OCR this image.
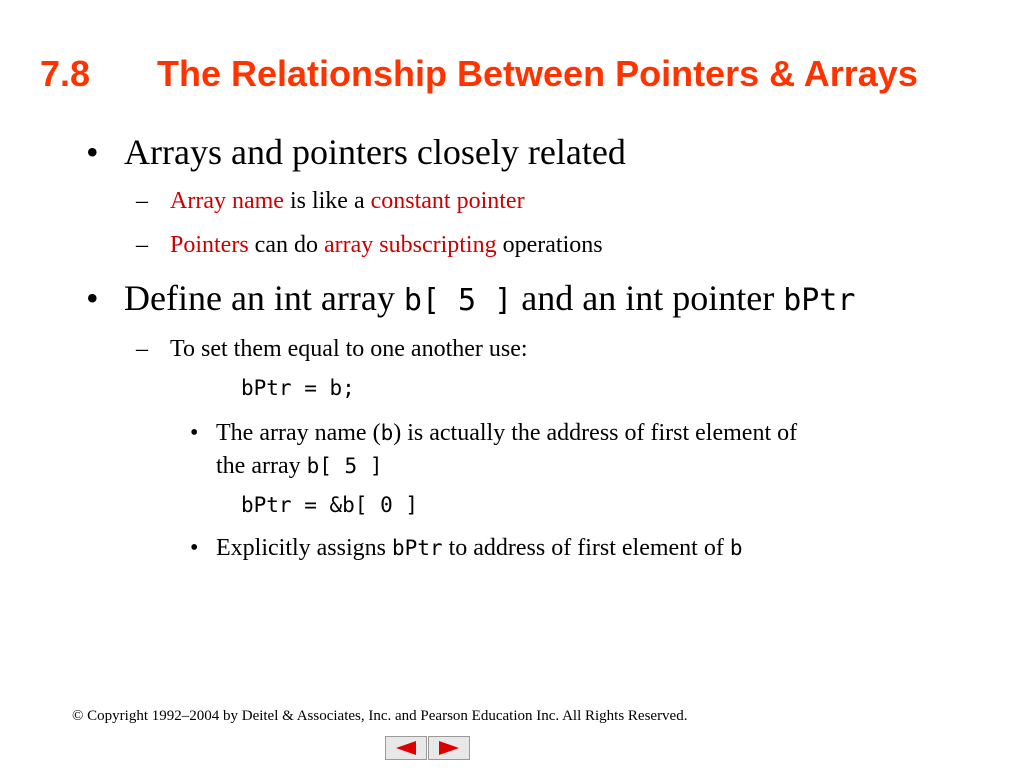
7.8 The Relationship Between Pointers & Arrays
• Arrays and pointers closely related
– Array name is like a constant pointer
– Pointers can do array subscripting operations
• Define an int array b[ 5 ] and an int pointer bPtr
– To set them equal to one another use:
bPtr = b;
• The array name (b) is actually the address of first element of
the array b[ 5 ]
bPtr = &b[ 0 ]
• Explicitly assigns bPtr to address of first element of b
© Copyright 1992–2004 by Deitel & Associates, Inc. and Pearson Education Inc. All Rights Reserved.
